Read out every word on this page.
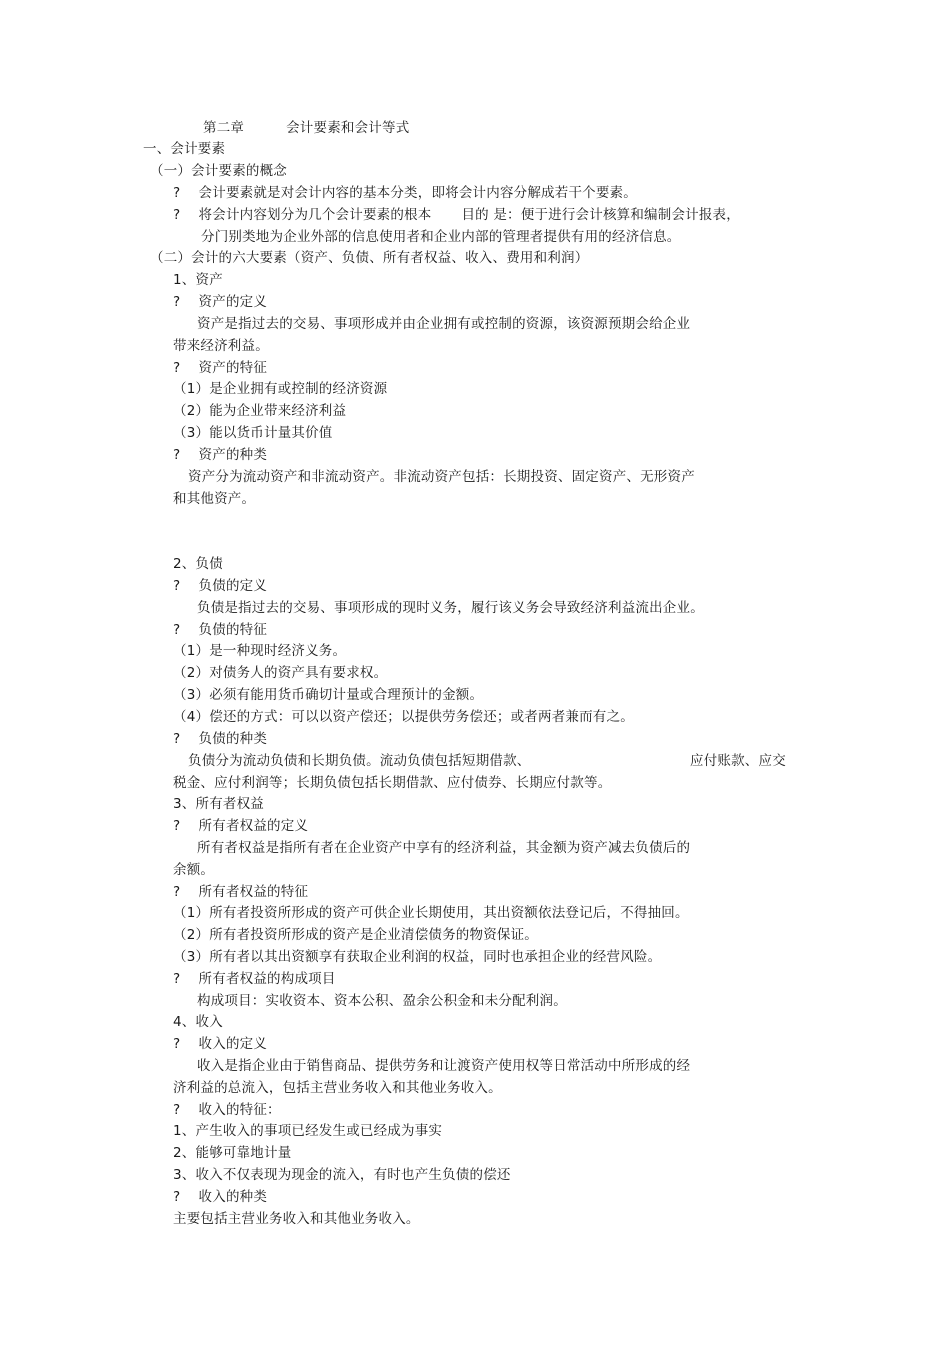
第二章	会计要素和会计等式

一、会计要素

（一）会计要素的概念

?　 会计要素就是对会计内容的基本分类，即将会计内容分解成若干个要素。

?　 将会计内容划分为几个会计要素的根本 目的 是：便于进行会计核算和编制会计报表，

分门别类地为企业外部的信息使用者和企业内部的管理者提供有用的经济信息。

（二）会计的六大要素（资产、负债、所有者权益、收入、费用和利润）

1、资产

?　 资产的定义

资产是指过去的交易、事项形成并由企业拥有或控制的资源，该资源预期会给企业

带来经济利益。

?　 资产的特征

（1）是企业拥有或控制的经济资源

（2）能为企业带来经济利益

（3）能以货币计量其价值

?　 资产的种类

资产分为流动资产和非流动资产。非流动资产包括：长期投资、固定资产、无形资产

和其他资产。

2、负债

?　 负债的定义

负债是指过去的交易、事项形成的现时义务，履行该义务会导致经济利益流出企业。

?　 负债的特征

（1）是一种现时经济义务。

（2）对债务人的资产具有要求权。

（3）必须有能用货币确切计量或合理预计的金额。

（4）偿还的方式：可以以资产偿还；以提供劳务偿还；或者两者兼而有之。

?　 负债的种类

负债分为流动负债和长期负债。流动负债包括短期借款、	应付账款、应交

税金、应付利润等；长期负债包括长期借款、应付债券、长期应付款等。

3、所有者权益

?　 所有者权益的定义

所有者权益是指所有者在企业资产中享有的经济利益，其金额为资产减去负债后的

余额。

?　 所有者权益的特征

（1）所有者投资所形成的资产可供企业长期使用，其出资额依法登记后，不得抽回。

（2）所有者投资所形成的资产是企业清偿债务的物资保证。

（3）所有者以其出资额享有获取企业利润的权益，同时也承担企业的经营风险。

?　 所有者权益的构成项目

构成项目：实收资本、资本公积、盈余公积金和未分配利润。

4、收入

?　 收入的定义

收入是指企业由于销售商品、提供劳务和让渡资产使用权等日常活动中所形成的经

济利益的总流入，包括主营业务收入和其他业务收入。

?　 收入的特征：

1、产生收入的事项已经发生或已经成为事实

2、能够可靠地计量

3、收入不仅表现为现金的流入，有时也产生负债的偿还

?　 收入的种类

主要包括主营业务收入和其他业务收入。
